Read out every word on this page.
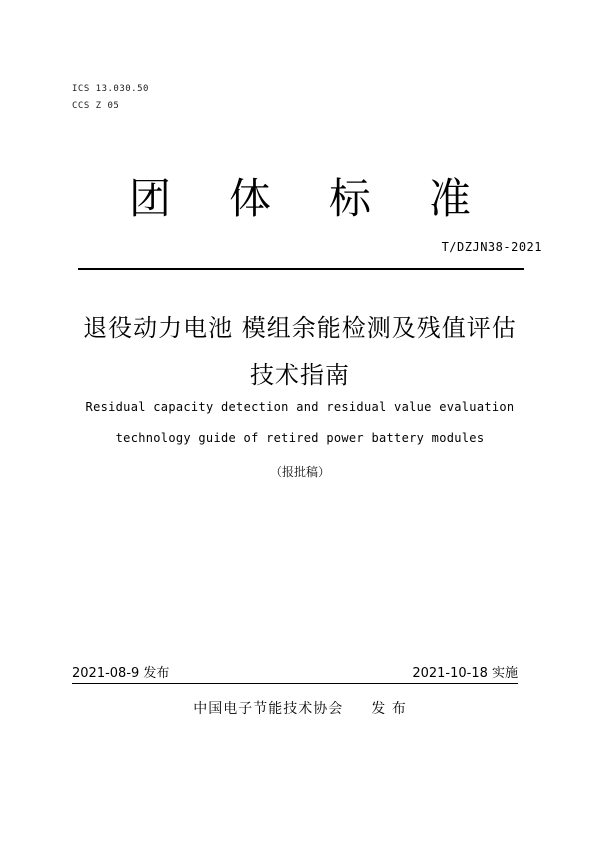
ICS 13.030.50
CCS Z 05
团体标准
T/DZJN38-2021
退役动力电池 模组余能检测及残值评估
技术指南
Residual capacity detection and residual value evaluation
technology guide of retired power battery modules
（报批稿）
2021-08-9 发布	2021-10-18 实施
中国电子节能技术协会 发 布
